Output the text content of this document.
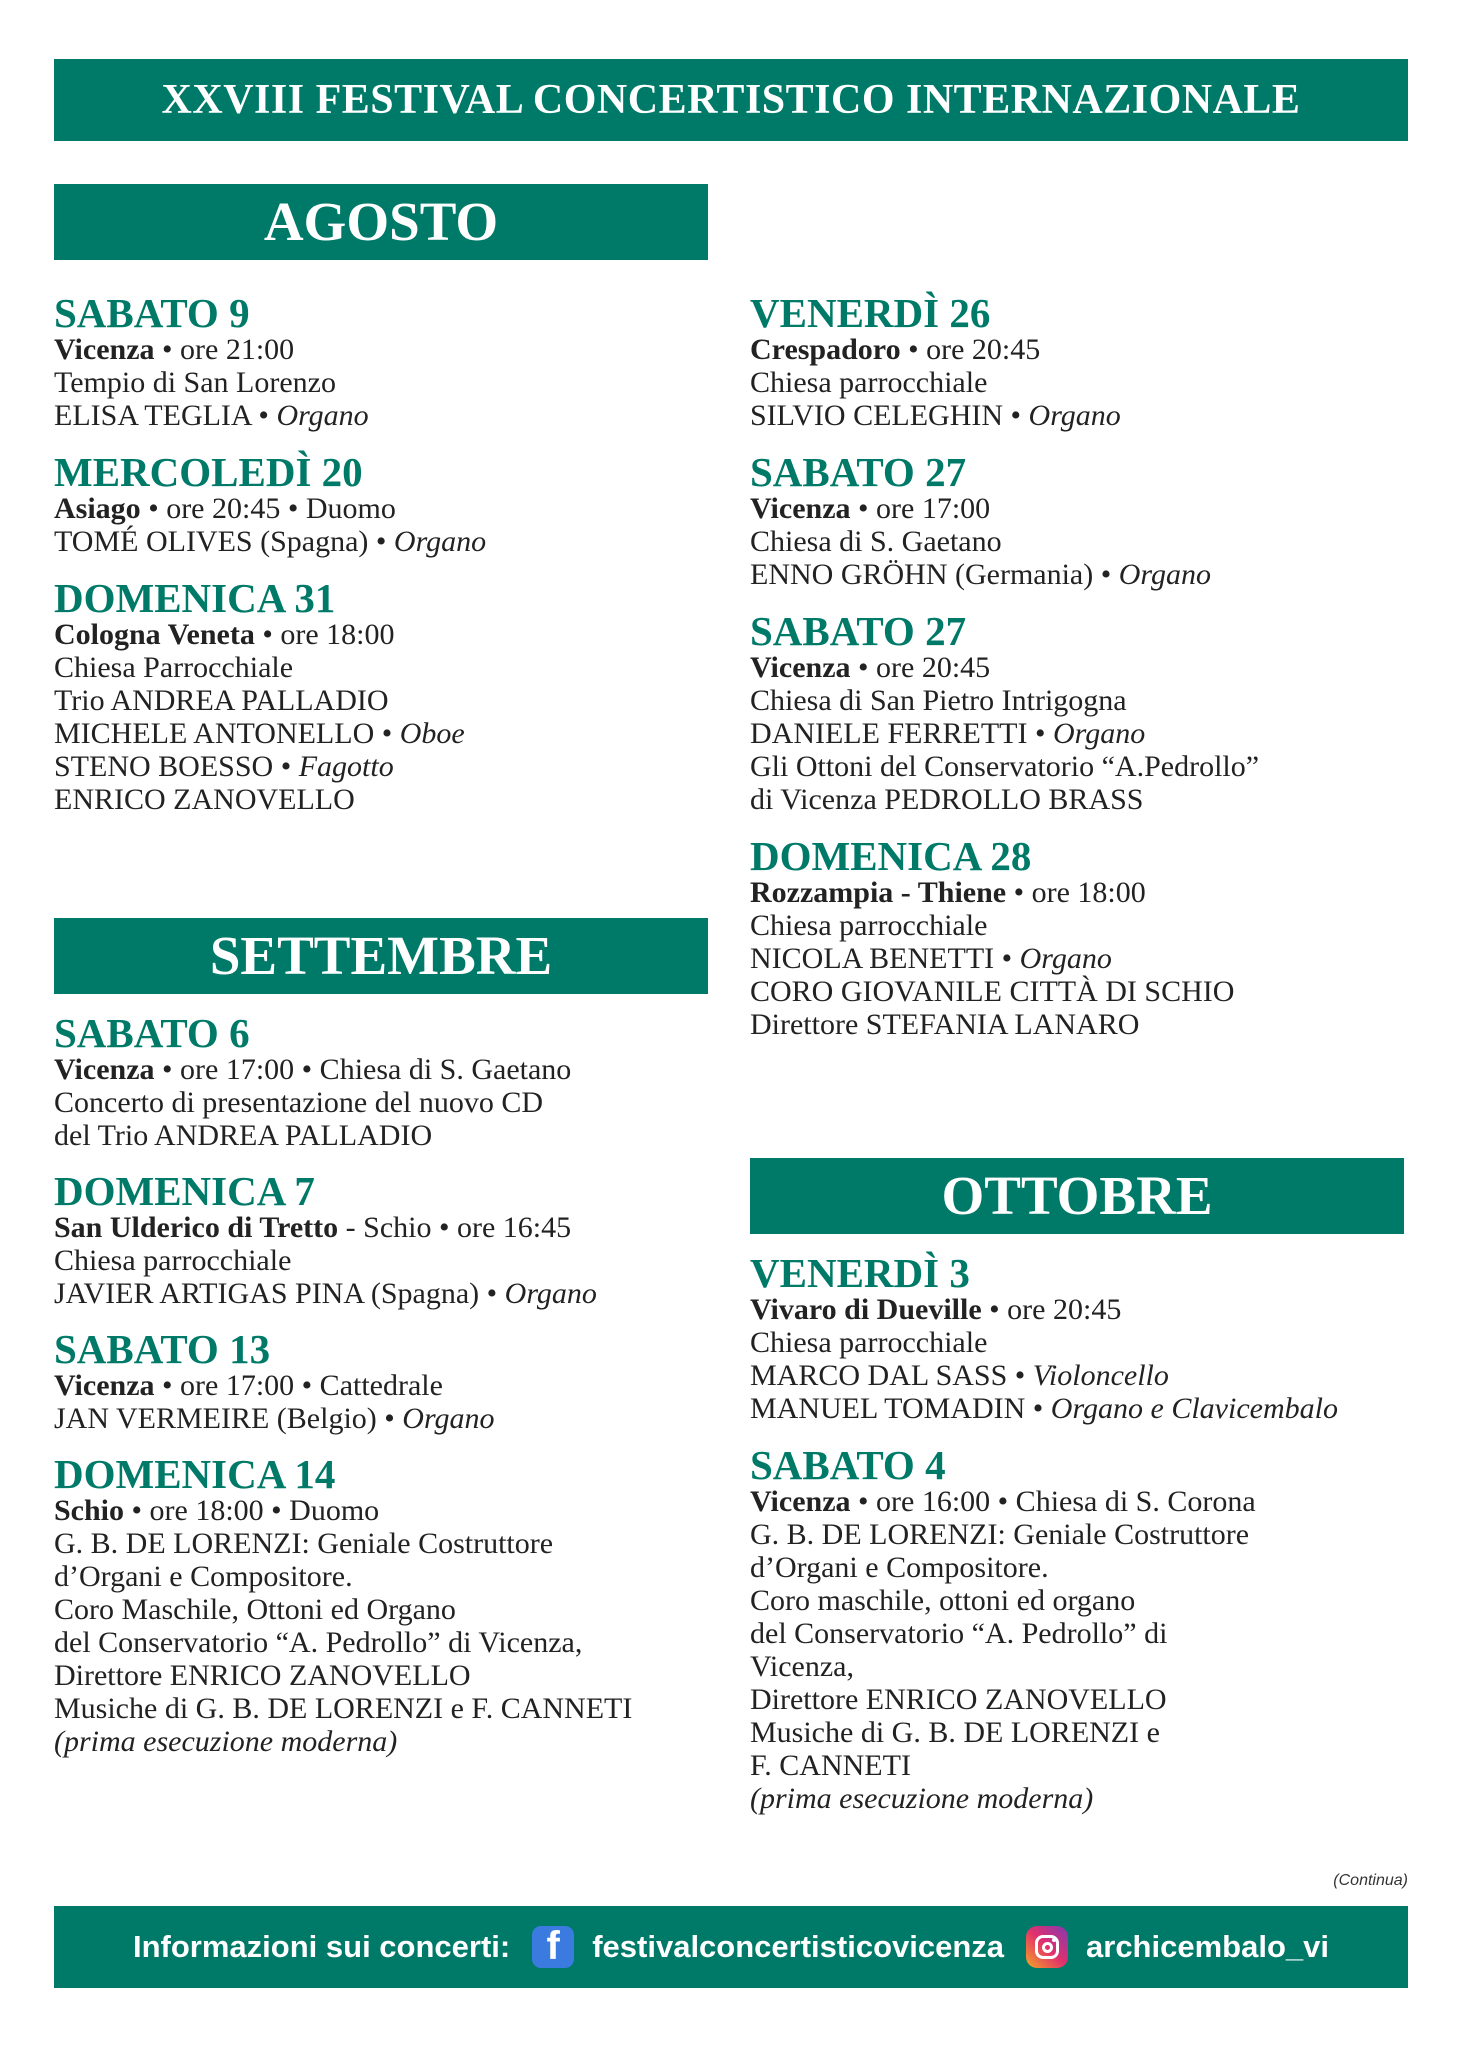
XXVIII FESTIVAL CONCERTISTICO INTERNAZIONALE
AGOSTO
SABATO 9
Vicenza • ore 21:00
Tempio di San Lorenzo
ELISA TEGLIA • Organo
MERCOLEDÌ 20
Asiago • ore 20:45 • Duomo
TOMÉ OLIVES (Spagna) • Organo
DOMENICA 31
Cologna Veneta • ore 18:00
Chiesa Parrocchiale
Trio ANDREA PALLADIO
MICHELE ANTONELLO • Oboe
STENO BOESSO • Fagotto
ENRICO ZANOVELLO
SETTEMBRE
SABATO 6
Vicenza • ore 17:00 • Chiesa di S. Gaetano
Concerto di presentazione del nuovo CD
del Trio ANDREA PALLADIO
DOMENICA 7
San Ulderico di Tretto - Schio • ore 16:45
Chiesa parrocchiale
JAVIER ARTIGAS PINA (Spagna) • Organo
SABATO 13
Vicenza • ore 17:00 • Cattedrale
JAN VERMEIRE (Belgio) • Organo
DOMENICA 14
Schio • ore 18:00 • Duomo
G. B. DE LORENZI: Geniale Costruttore
d’Organi e Compositore.
Coro Maschile, Ottoni ed Organo
del Conservatorio “A. Pedrollo” di Vicenza,
Direttore ENRICO ZANOVELLO
Musiche di G. B. DE LORENZI e F. CANNETI
(prima esecuzione moderna)
VENERDÌ 26
Crespadoro • ore 20:45
Chiesa parrocchiale
SILVIO CELEGHIN • Organo
SABATO 27
Vicenza • ore 17:00
Chiesa di S. Gaetano
ENNO GRÖHN (Germania) • Organo
SABATO 27
Vicenza • ore 20:45
Chiesa di San Pietro Intrigogna
DANIELE FERRETTI • Organo
Gli Ottoni del Conservatorio “A.Pedrollo”
di Vicenza PEDROLLO BRASS
DOMENICA 28
Rozzampia - Thiene • ore 18:00
Chiesa parrocchiale
NICOLA BENETTI • Organo
CORO GIOVANILE CITTÀ DI SCHIO
Direttore STEFANIA LANARO
OTTOBRE
VENERDÌ 3
Vivaro di Dueville • ore 20:45
Chiesa parrocchiale
MARCO DAL SASS • Violoncello
MANUEL TOMADIN • Organo e Clavicembalo
SABATO 4
Vicenza • ore 16:00 • Chiesa di S. Corona
G. B. DE LORENZI: Geniale Costruttore
d’Organi e Compositore.
Coro maschile, ottoni ed organo
del Conservatorio “A. Pedrollo” di
Vicenza,
Direttore ENRICO ZANOVELLO
Musiche di G. B. DE LORENZI e
F. CANNETI
(prima esecuzione moderna)
(Continua)
Informazioni sui concerti: f festivalconcertisticovicenza	archicembalo_vi
